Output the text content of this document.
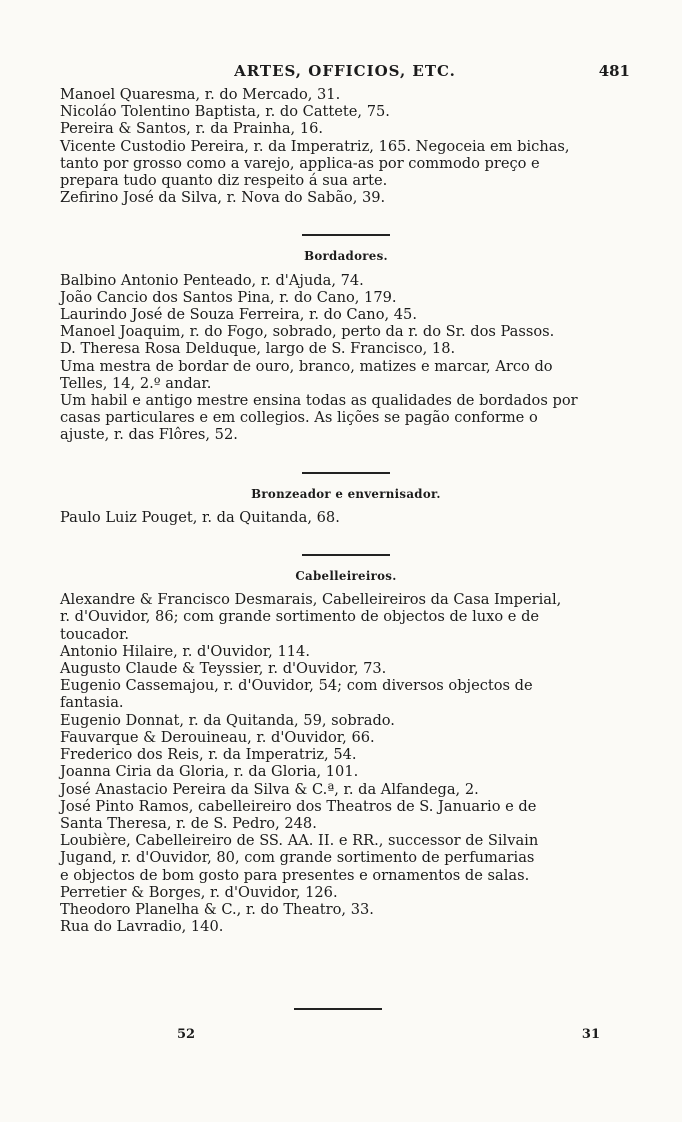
ARTES, OFFICIOS, ETC.	481

Manoel Quaresma, r. do Mercado, 31.

Nicoláo Tolentino Baptista, r. do Cattete, 75.

Pereira & Santos, r. da Prainha, 16.

Vicente Custodio Pereira, r. da Imperatriz, 165. Negoceia em bichas,
tanto por grosso como a varejo, applica-as por commodo preço e
prepara tudo quanto diz respeito á sua arte.

Zefirino José da Silva, r. Nova do Sabão, 39.

Bordadores.

Balbino Antonio Penteado, r. d'Ajuda, 74.

João Cancio dos Santos Pina, r. do Cano, 179.

Laurindo José de Souza Ferreira, r. do Cano, 45.

Manoel Joaquim, r. do Fogo, sobrado, perto da r. do Sr. dos Passos.

D. Theresa Rosa Delduque, largo de S. Francisco, 18.

Uma mestra de bordar de ouro, branco, matizes e marcar, Arco do
Telles, 14, 2.º andar.

Um habil e antigo mestre ensina todas as qualidades de bordados por
casas particulares e em collegios. As lições se pagão conforme o
ajuste, r. das Flôres, 52.

Bronzeador e envernisador.

Paulo Luiz Pouget, r. da Quitanda, 68.

Cabelleireiros.

Alexandre & Francisco Desmarais, Cabelleireiros da Casa Imperial,
r. d'Ouvidor, 86; com grande sortimento de objectos de luxo e de
toucador.

Antonio Hilaire, r. d'Ouvidor, 114.

Augusto Claude & Teyssier, r. d'Ouvidor, 73.

Eugenio Cassemajou, r. d'Ouvidor, 54; com diversos objectos de
fantasia.

Eugenio Donnat, r. da Quitanda, 59, sobrado.

Fauvarque & Derouineau, r. d'Ouvidor, 66.

Frederico dos Reis, r. da Imperatriz, 54.

Joanna Ciria da Gloria, r. da Gloria, 101.

José Anastacio Pereira da Silva & C.ª, r. da Alfandega, 2.

José Pinto Ramos, cabelleireiro dos Theatros de S. Januario e de
Santa Theresa, r. de S. Pedro, 248.

Loubière, Cabelleireiro de SS. AA. II. e RR., successor de Silvain
Jugand, r. d'Ouvidor, 80, com grande sortimento de perfumarias
e objectos de bom gosto para presentes e ornamentos de salas.

Perretier & Borges, r. d'Ouvidor, 126.

Theodoro Planelha & C., r. do Theatro, 33.

Rua do Lavradio, 140.

52	31
